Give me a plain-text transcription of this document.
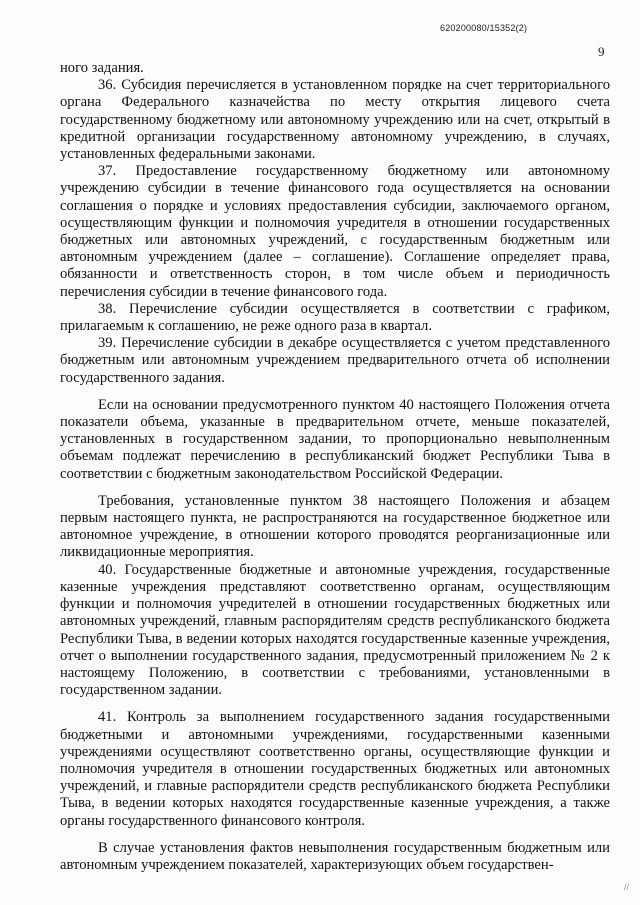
620200080/15352(2)
9

ного задания.

36. Субсидия перечисляется в установленном порядке на счет территориального органа Федерального казначейства по месту открытия лицевого счета государственному бюджетному или автономному учреждению или на счет, открытый в кредитной организации государственному автономному учреждению, в случаях, установленных федеральными законами.

37. Предоставление государственному бюджетному или автономному учреждению субсидии в течение финансового года осуществляется на основании соглашения о порядке и условиях предоставления субсидии, заключаемого органом, осуществляющим функции и полномочия учредителя в отношении государственных бюджетных или автономных учреждений, с государственным бюджетным или автономным учреждением (далее – соглашение). Соглашение определяет права, обязанности и ответственность сторон, в том числе объем и периодичность перечисления субсидии в течение финансового года.

38. Перечисление субсидии осуществляется в соответствии с графиком, прилагаемым к соглашению, не реже одного раза в квартал.

39. Перечисление субсидии в декабре осуществляется с учетом представленного бюджетным или автономным учреждением предварительного отчета об исполнении государственного задания.

Если на основании предусмотренного пунктом 40 настоящего Положения отчета показатели объема, указанные в предварительном отчете, меньше показателей, установленных в государственном задании, то пропорционально невыполненным объемам подлежат перечислению в республиканский бюджет Республики Тыва в соответствии с бюджетным законодательством Российской Федерации.

Требования, установленные пунктом 38 настоящего Положения и абзацем первым настоящего пункта, не распространяются на государственное бюджетное или автономное учреждение, в отношении которого проводятся реорганизационные или ликвидационные мероприятия.

40. Государственные бюджетные и автономные учреждения, государственные казенные учреждения представляют соответственно органам, осуществляющим функции и полномочия учредителей в отношении государственных бюджетных или автономных учреждений, главным распорядителям средств республиканского бюджета Республики Тыва, в ведении которых находятся государственные казенные учреждения, отчет о выполнении государственного задания, предусмотренный приложением № 2 к настоящему Положению, в соответствии с требованиями, установленными в государственном задании.

41. Контроль за выполнением государственного задания государственными бюджетными и автономными учреждениями, государственными казенными учреждениями осуществляют соответственно органы, осуществляющие функции и полномочия учредителя в отношении государственных бюджетных или автономных учреждений, и главные распорядители средств республиканского бюджета Республики Тыва, в ведении которых находятся государственные казенные учреждения, а также органы государственного финансового контроля.

В случае установления фактов невыполнения государственным бюджетным или автономным учреждением показателей, характеризующих объем государствен-

//
